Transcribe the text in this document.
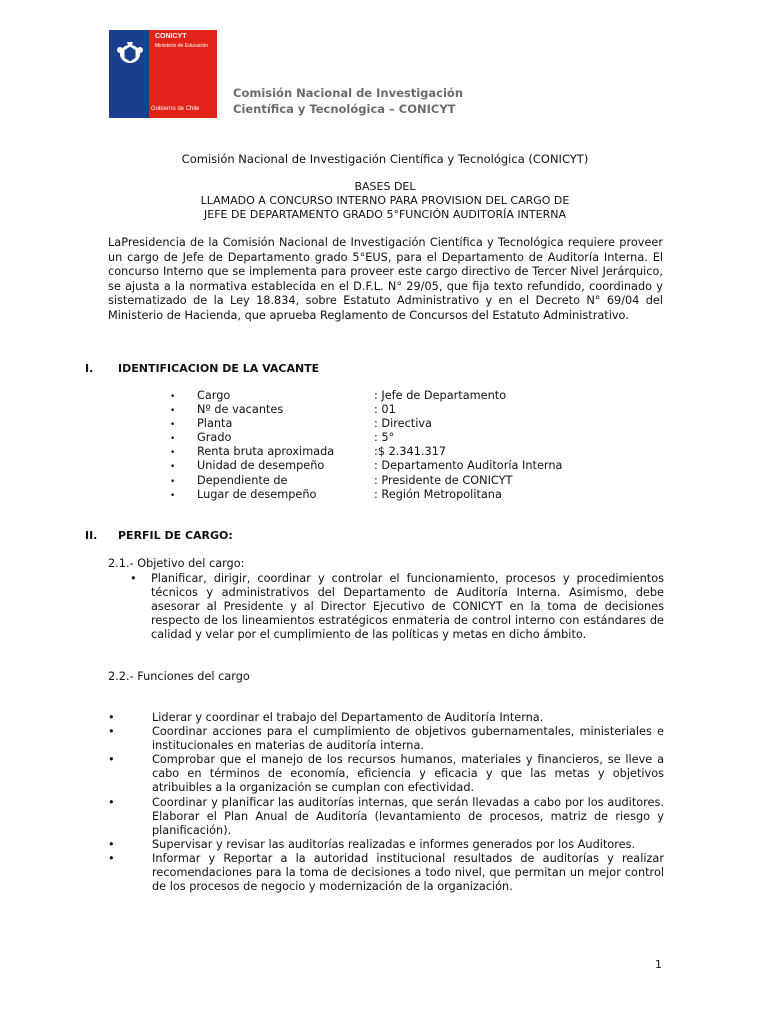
CONICYT
Ministerio de Educación
Gobierno de Chile
Comisión Nacional de Investigación
Científica y Tecnológica – CONICYT
Comisión Nacional de Investigación Científica y Tecnológica (CONICYT)
BASES DEL
LLAMADO A CONCURSO INTERNO PARA PROVISION DEL CARGO DE
JEFE DE DEPARTAMENTO GRADO 5°FUNCIÓN AUDITORÍA INTERNA
LaPresidencia de la Comisión Nacional de Investigación Científica y Tecnológica requiere proveer un cargo de Jefe de Departamento grado 5°EUS, para el Departamento de Auditoría Interna. El concurso Interno que se implementa para proveer este cargo directivo de Tercer Nivel Jerárquico, se ajusta a la normativa establecida en el D.F.L. N° 29/05, que fija texto refundido, coordinado y sistematizado de la Ley 18.834, sobre Estatuto Administrativo y en el Decreto N° 69/04 del Ministerio de Hacienda, que aprueba Reglamento de Concursos del Estatuto Administrativo.
I. IDENTIFICACION DE LA VACANTE
• Cargo	: Jefe de Departamento
• Nº de vacantes	: 01
• Planta	: Directiva
• Grado	: 5°
• Renta bruta aproximada	:$ 2.341.317
• Unidad de desempeño	: Departamento Auditoría Interna
• Dependiente de	: Presidente de CONICYT
• Lugar de desempeño	: Región Metropolitana
II. PERFIL DE CARGO:
2.1.- Objetivo del cargo:
• Planificar, dirigir, coordinar y controlar el funcionamiento, procesos y procedimientos técnicos y administrativos del Departamento de Auditoría Interna. Asimismo, debe asesorar al Presidente y al Director Ejecutivo de CONICYT en la toma de decisiones respecto de los lineamientos estratégicos enmateria de control interno con estándares de calidad y velar por el cumplimiento de las políticas y metas en dicho ámbito.
2.2.- Funciones del cargo
•	Liderar y coordinar el trabajo del Departamento de Auditoría Interna.
•	Coordinar acciones para el cumplimiento de objetivos gubernamentales, ministeriales e institucionales en materias de auditoría interna.
•	Comprobar que el manejo de los recursos humanos, materiales y financieros, se lleve a cabo en términos de economía, eficiencia y eficacia y que las metas y objetivos atribuibles a la organización se cumplan con efectividad.
•	Coordinar y planificar las auditorías internas, que serán llevadas a cabo por los auditores. Elaborar el Plan Anual de Auditoría (levantamiento de procesos, matriz de riesgo y planificación).
•	Supervisar y revisar las auditorías realizadas e informes generados por los Auditores.
•	Informar y Reportar a la autoridad institucional resultados de auditorías y realizar recomendaciones para la toma de decisiones a todo nivel, que permitan un mejor control de los procesos de negocio y modernización de la organización.
1
